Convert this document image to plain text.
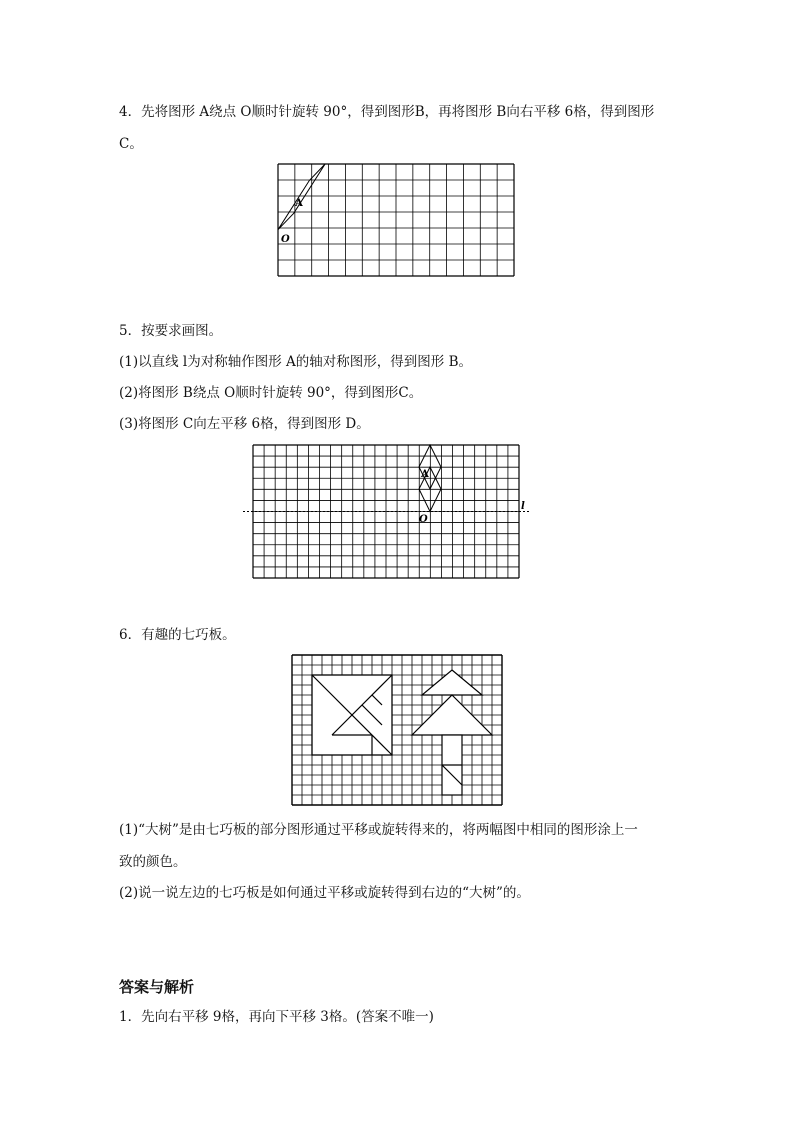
4．先将图形 A绕点 O顺时针旋转 90°，得到图形B，再将图形 B向右平移 6格，得到图形
C。
A
O
5．按要求画图。
(1)以直线 l为对称轴作图形 A的轴对称图形，得到图形 B。
(2)将图形 B绕点 O顺时针旋转 90°，得到图形C。
(3)将图形 C向左平移 6格，得到图形 D。
A
O
l
6．有趣的七巧板。
(1)“大树”是由七巧板的部分图形通过平移或旋转得来的，将两幅图中相同的图形涂上一
致的颜色。
(2)说一说左边的七巧板是如何通过平移或旋转得到右边的“大树”的。
答案与解析
1．先向右平移 9格，再向下平移 3格。(答案不唯一)
